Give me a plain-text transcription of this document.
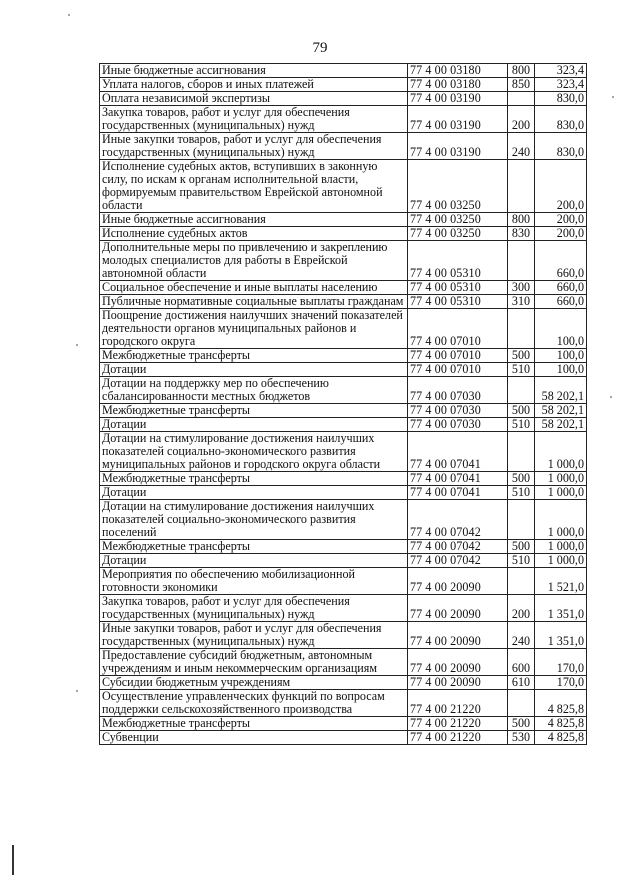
79
Иные бюджетные ассигнования	77 4 00 03180	800	323,4
Уплата налогов, сборов и иных платежей	77 4 00 03180	850	323,4
Оплата независимой экспертизы	77 4 00 03190		830,0
Закупка товаров, работ и услуг для обеспечения государственных (муниципальных) нужд	77 4 00 03190	200	830,0
Иные закупки товаров, работ и услуг для обеспечения государственных (муниципальных) нужд	77 4 00 03190	240	830,0
Исполнение судебных актов, вступивших в законную силу, по искам к органам исполнительной власти, формируемым правительством Еврейской автономной области	77 4 00 03250		200,0
Иные бюджетные ассигнования	77 4 00 03250	800	200,0
Исполнение судебных актов	77 4 00 03250	830	200,0
Дополнительные меры по привлечению и закреплению молодых специалистов для работы в Еврейской автономной области	77 4 00 05310		660,0
Социальное обеспечение и иные выплаты населению	77 4 00 05310	300	660,0
Публичные нормативные социальные выплаты гражданам	77 4 00 05310	310	660,0
Поощрение достижения наилучших значений показателей деятельности органов муниципальных районов и городского округа	77 4 00 07010		100,0
Межбюджетные трансферты	77 4 00 07010	500	100,0
Дотации	77 4 00 07010	510	100,0
Дотации на поддержку мер по обеспечению сбалансированности местных бюджетов	77 4 00 07030		58 202,1
Межбюджетные трансферты	77 4 00 07030	500	58 202,1
Дотации	77 4 00 07030	510	58 202,1
Дотации на стимулирование достижения наилучших показателей социально-экономического развития муниципальных районов и городского округа области	77 4 00 07041		1 000,0
Межбюджетные трансферты	77 4 00 07041	500	1 000,0
Дотации	77 4 00 07041	510	1 000,0
Дотации на стимулирование достижения наилучших показателей социально-экономического развития поселений	77 4 00 07042		1 000,0
Межбюджетные трансферты	77 4 00 07042	500	1 000,0
Дотации	77 4 00 07042	510	1 000,0
Мероприятия по обеспечению мобилизационной готовности экономики	77 4 00 20090		1 521,0
Закупка товаров, работ и услуг для обеспечения государственных (муниципальных) нужд	77 4 00 20090	200	1 351,0
Иные закупки товаров, работ и услуг для обеспечения государственных (муниципальных) нужд	77 4 00 20090	240	1 351,0
Предоставление субсидий бюджетным, автономным учреждениям и иным некоммерческим организациям	77 4 00 20090	600	170,0
Субсидии бюджетным учреждениям	77 4 00 20090	610	170,0
Осуществление управленческих функций по вопросам поддержки сельскохозяйственного производства	77 4 00 21220		4 825,8
Межбюджетные трансферты	77 4 00 21220	500	4 825,8
Субвенции	77 4 00 21220	530	4 825,8
